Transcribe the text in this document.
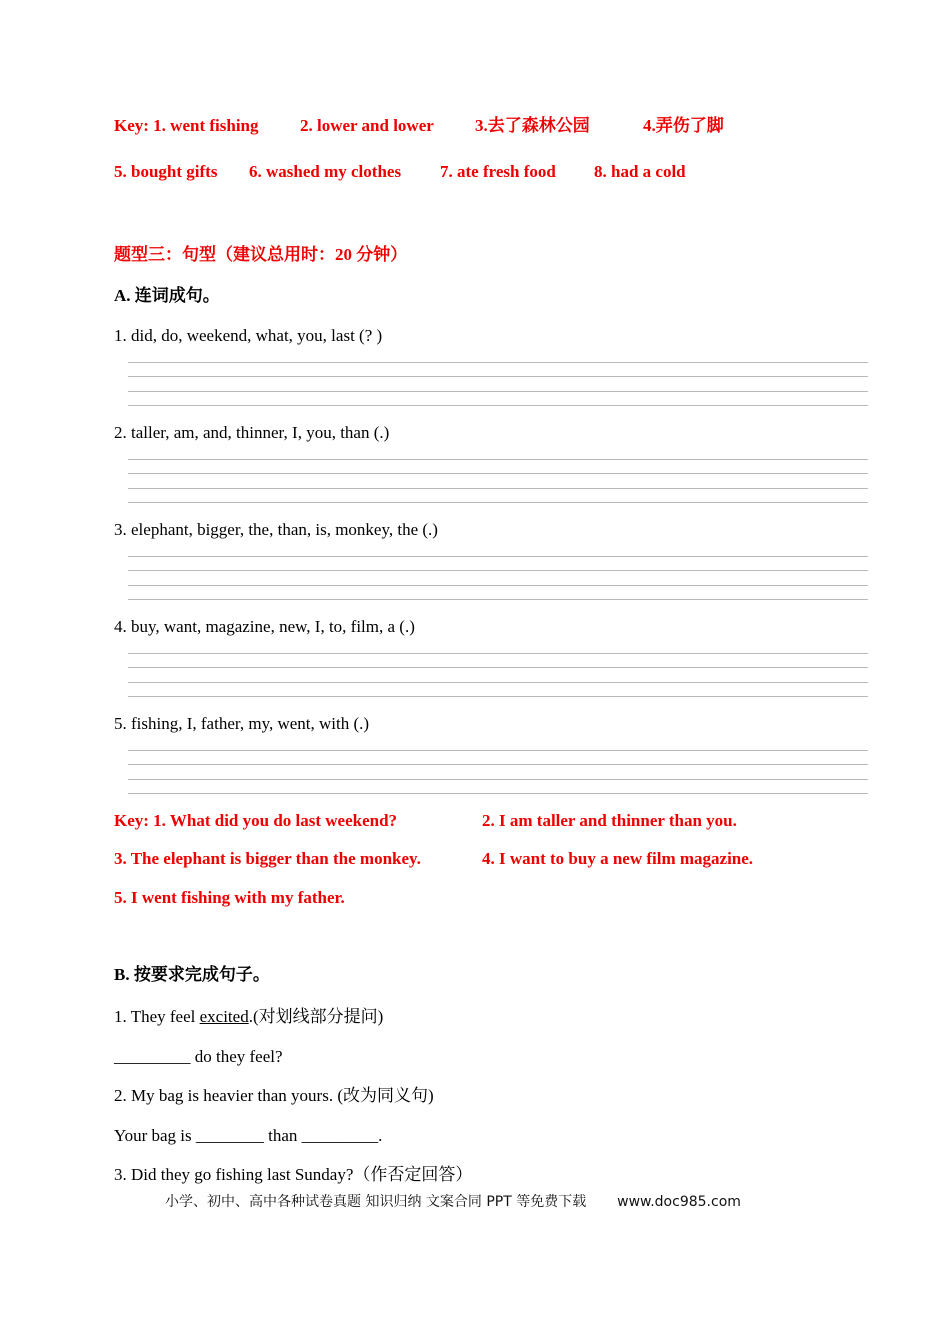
Key: 1. went fishing 2. lower and lower 3.去了森林公园	4.弄伤了脚
5. bought gifts 6. washed my clothes 7. ate fresh food 8. had a cold
题型三：句型（建议总用时：20 分钟）
A. 连词成句。
1. did, do, weekend, what, you, last (? )
2. taller, am, and, thinner, I, you, than (.)
3. elephant, bigger, the, than, is, monkey, the (.)
4. buy, want, magazine, new, I, to, film, a (.)
5. fishing, I, father, my, went, with (.)
Key: 1. What did you do last weekend?	2. I am taller and thinner than you.
3. The elephant is bigger than the monkey.	4. I want to buy a new film magazine.
5. I went fishing with my father.
B. 按要求完成句子。
1. They feel excited.(对划线部分提问)
_________ do they feel?
2. My bag is heavier than yours. (改为同义句)
Your bag is ________ than _________.
3. Did they go fishing last Sunday?（作否定回答）
小学、初中、高中各种试卷真题 知识归纳 文案合同 PPT 等免费下载 www.doc985.com
